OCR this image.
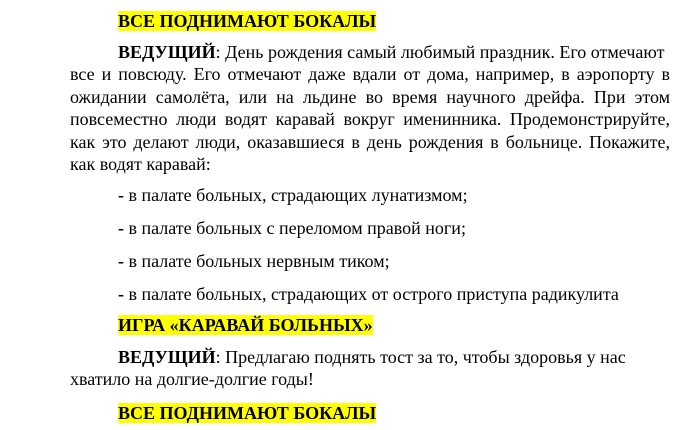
ВСЕ ПОДНИМАЮТ БОКАЛЫ
ВЕДУЩИЙ: День рождения самый любимый праздник. Его отмечают

все и повсюду. Его отмечают даже вдали от дома, например, в аэропорту в ожидании самолёта, или на льдине во время научного дрейфа. При этом повсеместно люди водят каравай вокруг именинника. Продемонстрируйте, как это делают люди, оказавшиеся в день рождения в больнице. Покажите, как водят каравай:

- в палате больных, страдающих лунатизмом;
- в палате больных с переломом правой ноги;
- в палате больных нервным тиком;
- в палате больных, страдающих от острого приступа радикулита
ИГРА «КАРАВАЙ БОЛЬНЫХ»
ВЕДУЩИЙ: Предлагаю поднять тост за то, чтобы здоровья у нас

хватило на долгие-долгие годы!

ВСЕ ПОДНИМАЮТ БОКАЛЫ
